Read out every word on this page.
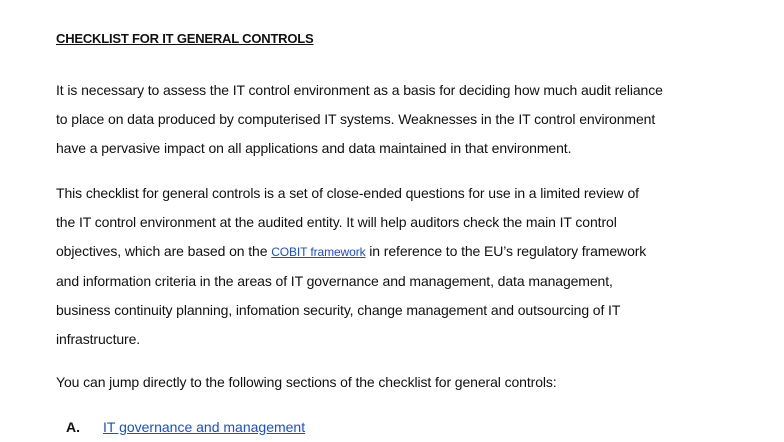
CHECKLIST FOR IT GENERAL CONTROLS
It is necessary to assess the IT control environment as a basis for deciding how much audit reliance
to place on data produced by computerised IT systems. Weaknesses in the IT control environment
have a pervasive impact on all applications and data maintained in that environment.
This checklist for general controls is a set of close-ended questions for use in a limited review of
the IT control environment at the audited entity. It will help auditors check the main IT control
objectives, which are based on the COBIT framework in reference to the EU’s regulatory framework
and information criteria in the areas of IT governance and management, data management,
business continuity planning, infomation security, change management and outsourcing of IT
infrastructure.
You can jump directly to the following sections of the checklist for general controls:
A. IT governance and management
